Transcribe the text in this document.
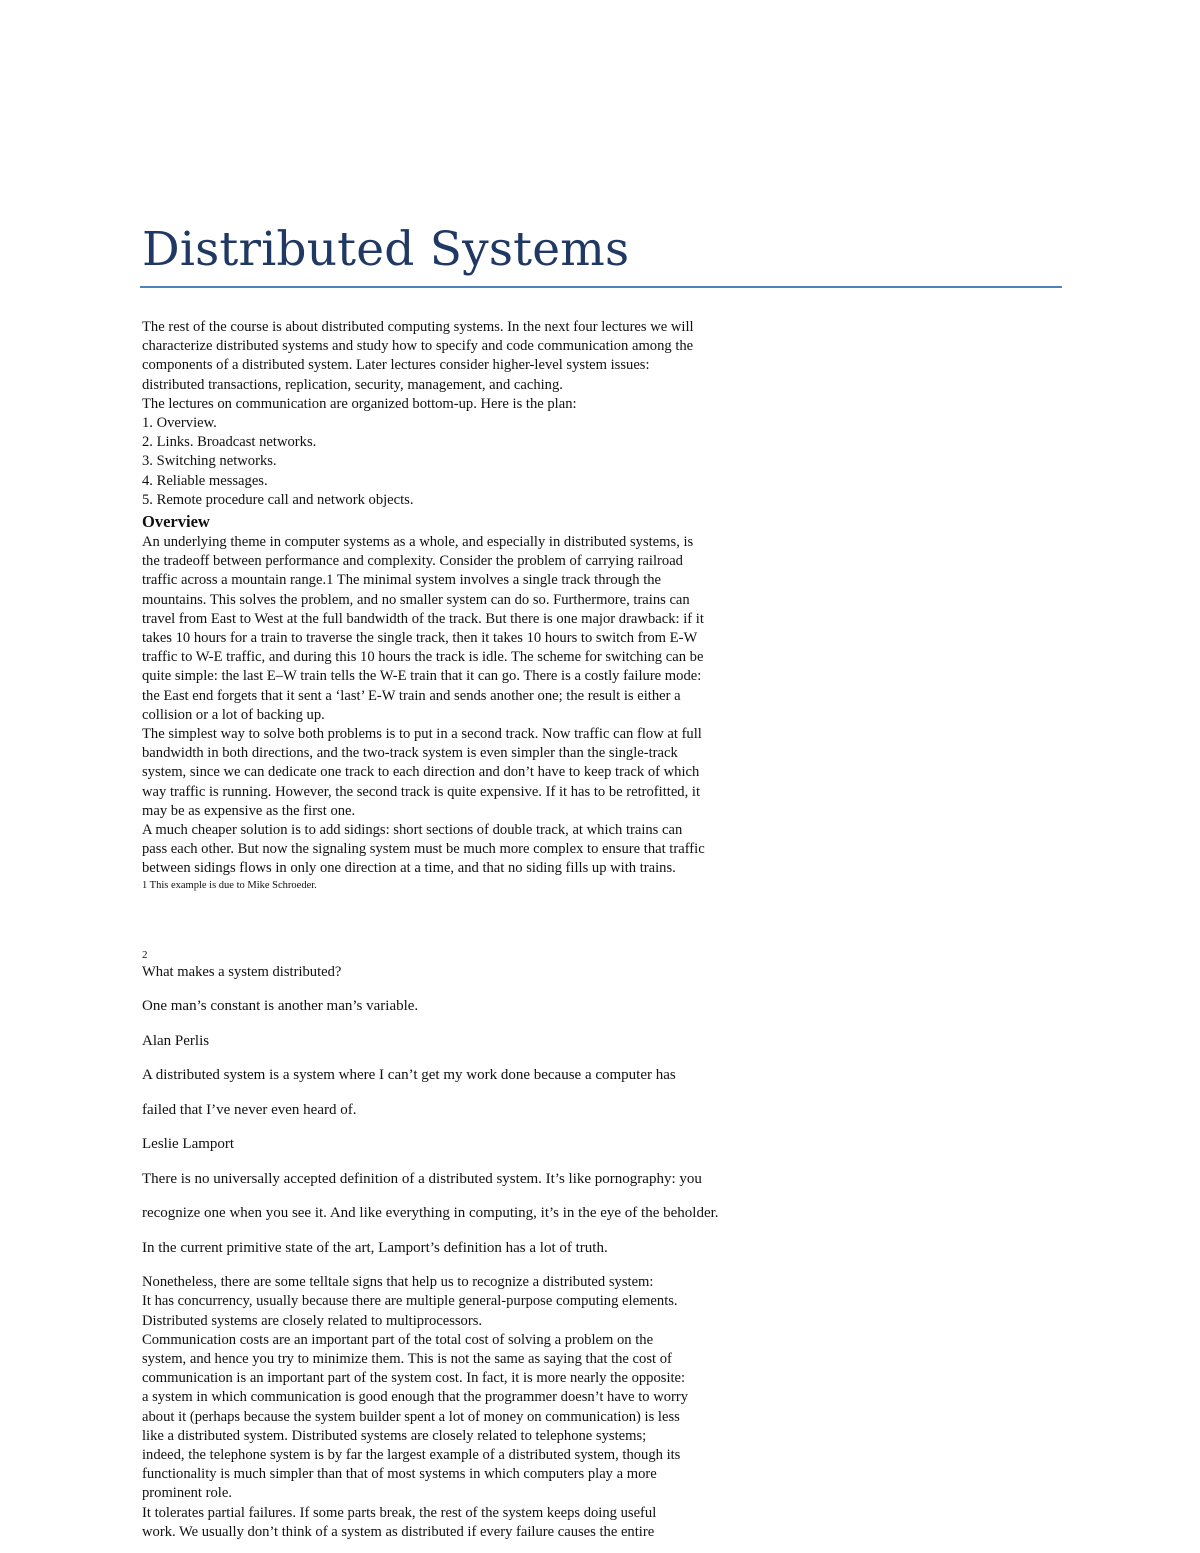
Distributed Systems

The rest of the course is about distributed computing systems. In the next four lectures we will

characterize distributed systems and study how to specify and code communication among the

components of a distributed system. Later lectures consider higher-level system issues:

distributed transactions, replication, security, management, and caching.

The lectures on communication are organized bottom-up. Here is the plan:

1. Overview.

2. Links. Broadcast networks.

3. Switching networks.

4. Reliable messages.

5. Remote procedure call and network objects.

Overview

An underlying theme in computer systems as a whole, and especially in distributed systems, is

the tradeoff between performance and complexity. Consider the problem of carrying railroad

traffic across a mountain range.1 The minimal system involves a single track through the

mountains. This solves the problem, and no smaller system can do so. Furthermore, trains can

travel from East to West at the full bandwidth of the track. But there is one major drawback: if it

takes 10 hours for a train to traverse the single track, then it takes 10 hours to switch from E-W

traffic to W-E traffic, and during this 10 hours the track is idle. The scheme for switching can be

quite simple: the last E–W train tells the W-E train that it can go. There is a costly failure mode:

the East end forgets that it sent a ‘last’ E-W train and sends another one; the result is either a

collision or a lot of backing up.

The simplest way to solve both problems is to put in a second track. Now traffic can flow at full

bandwidth in both directions, and the two-track system is even simpler than the single-track

system, since we can dedicate one track to each direction and don’t have to keep track of which

way traffic is running. However, the second track is quite expensive. If it has to be retrofitted, it

may be as expensive as the first one.

A much cheaper solution is to add sidings: short sections of double track, at which trains can

pass each other. But now the signaling system must be much more complex to ensure that traffic

between sidings flows in only one direction at a time, and that no siding fills up with trains.

1 This example is due to Mike Schroeder.
2

What makes a system distributed?

One man’s constant is another man’s variable.

Alan Perlis

A distributed system is a system where I can’t get my work done because a computer has

failed that I’ve never even heard of.

Leslie Lamport

There is no universally accepted definition of a distributed system. It’s like pornography: you

recognize one when you see it. And like everything in computing, it’s in the eye of the beholder.

In the current primitive state of the art, Lamport’s definition has a lot of truth.

Nonetheless, there are some telltale signs that help us to recognize a distributed system:

It has concurrency, usually because there are multiple general-purpose computing elements.

Distributed systems are closely related to multiprocessors.

Communication costs are an important part of the total cost of solving a problem on the

system, and hence you try to minimize them. This is not the same as saying that the cost of

communication is an important part of the system cost. In fact, it is more nearly the opposite:

a system in which communication is good enough that the programmer doesn’t have to worry

about it (perhaps because the system builder spent a lot of money on communication) is less

like a distributed system. Distributed systems are closely related to telephone systems;

indeed, the telephone system is by far the largest example of a distributed system, though its

functionality is much simpler than that of most systems in which computers play a more

prominent role.

It tolerates partial failures. If some parts break, the rest of the system keeps doing useful

work. We usually don’t think of a system as distributed if every failure causes the entire
